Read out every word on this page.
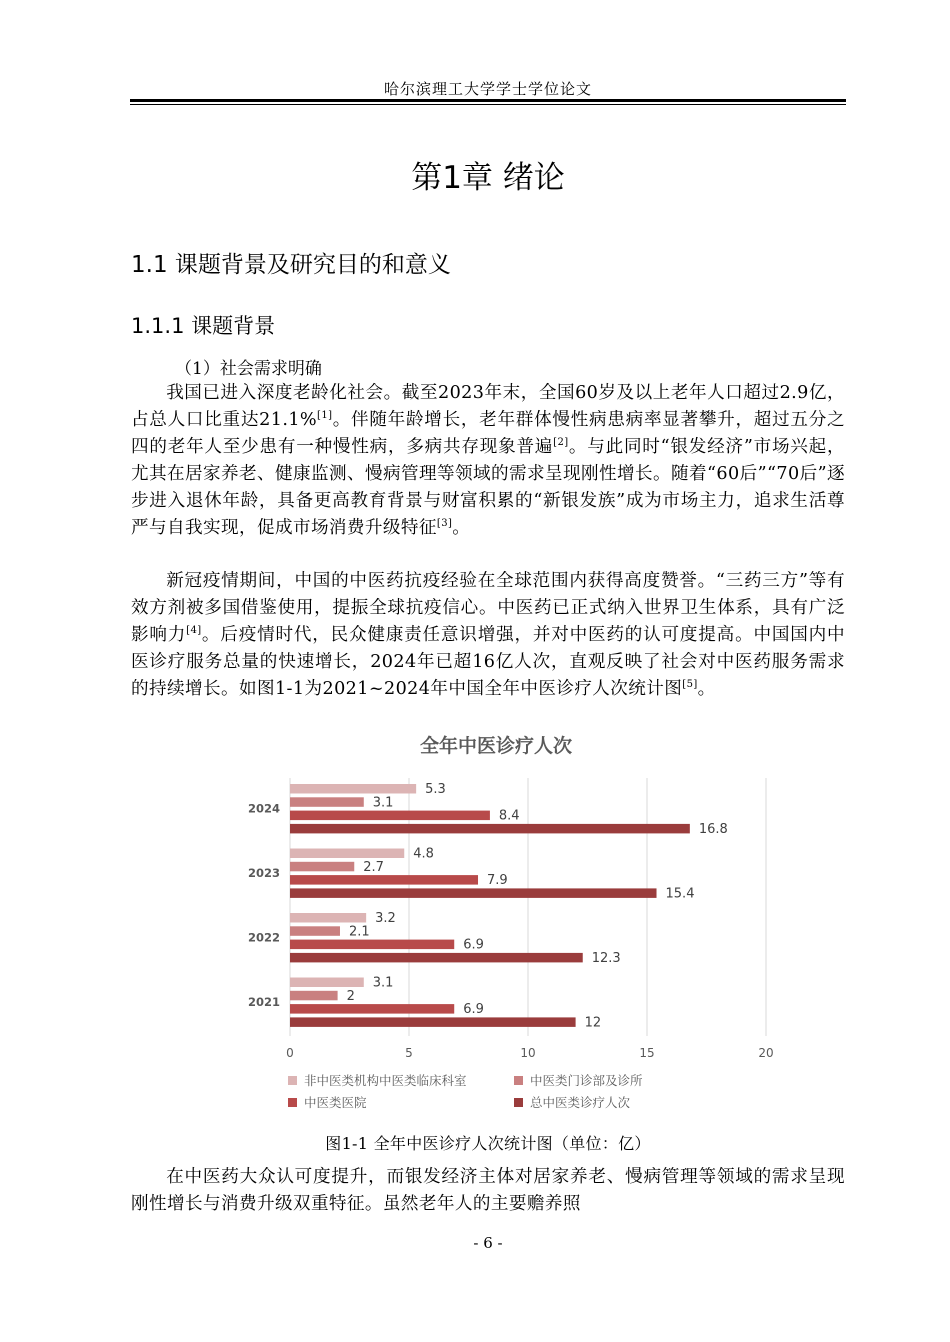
哈尔滨理工大学学士学位论文
第1章 绪论
1.1 课题背景及研究目的和意义
1.1.1 课题背景
（1）社会需求明确

我国已进入深度老龄化社会。截至2023年末，全国60岁及以上老年人口超过2.9亿，占总人口比重达21.1%[1]。伴随年龄增长，老年群体慢性病患病率显著攀升，超过五分之四的老年人至少患有一种慢性病，多病共存现象普遍[2]。与此同时“银发经济”市场兴起，尤其在居家养老、健康监测、慢病管理等领域的需求呈现刚性增长。随着“60后”“70后”逐步进入退休年龄，具备更高教育背景与财富积累的“新银发族”成为市场主力，追求生活尊严与自我实现，促成市场消费升级特征[3]。

新冠疫情期间，中国的中医药抗疫经验在全球范围内获得高度赞誉。“三药三方”等有效方剂被多国借鉴使用，提振全球抗疫信心。中医药已正式纳入世界卫生体系，具有广泛影响力[4]。后疫情时代，民众健康责任意识增强，并对中医药的认可度提高。中国国内中医诊疗服务总量的快速增长，2024年已超16亿人次，直观反映了社会对中医药服务需求的持续增长。如图1-1为2021~2024年中国全年中医诊疗人次统计图[5]。

全年中医诊疗人次
0	5	10	15	20
5.3
3.1
8.4
16.8
2024
4.8
2.7
7.9
15.4
2023
3.2
2.1
6.9
12.3
2022
3.1
2
6.9
12
2021
非中医类机构中医类临床科室	中医类门诊部及诊所
中医类医院	总中医类诊疗人次
图1-1 全年中医诊疗人次统计图（单位：亿）

在中医药大众认可度提升，而银发经济主体对居家养老、慢病管理等领域的需求呈现刚性增长与消费升级双重特征。虽然老年人的主要赡养照

- 6 -
